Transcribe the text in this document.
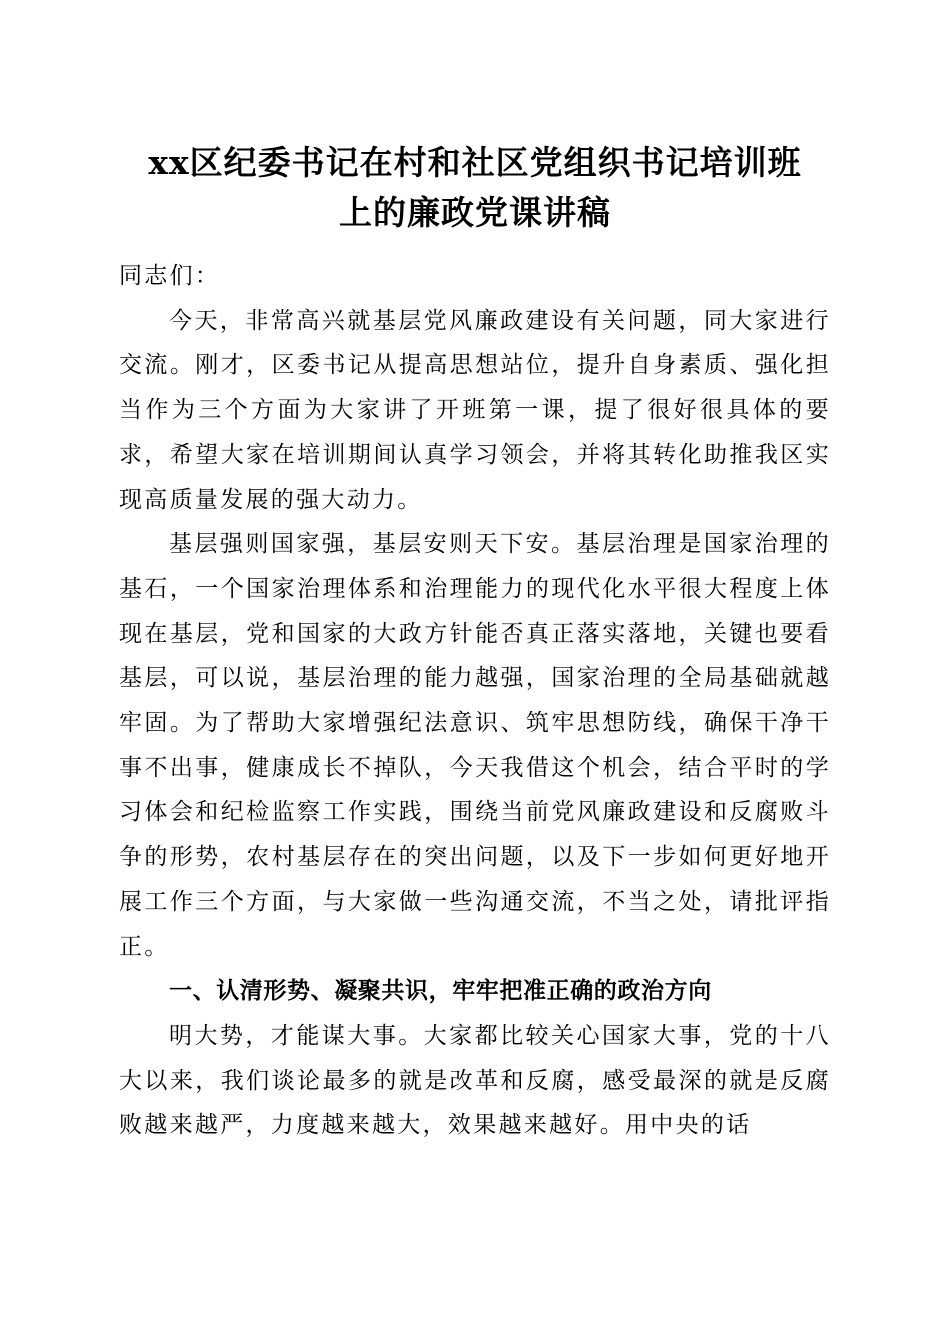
xx区纪委书记在村和社区党组织书记培训班
上的廉政党课讲稿

同志们：

今天，非常高兴就基层党风廉政建设有关问题，同大家进行交流。刚才，区委书记从提高思想站位，提升自身素质、强化担当作为三个方面为大家讲了开班第一课，提了很好很具体的要求，希望大家在培训期间认真学习领会，并将其转化助推我区实现高质量发展的强大动力。

基层强则国家强，基层安则天下安。基层治理是国家治理的基石，一个国家治理体系和治理能力的现代化水平很大程度上体现在基层，党和国家的大政方针能否真正落实落地，关键也要看基层，可以说，基层治理的能力越强，国家治理的全局基础就越牢固。为了帮助大家增强纪法意识、筑牢思想防线，确保干净干事不出事，健康成长不掉队，今天我借这个机会，结合平时的学习体会和纪检监察工作实践，围绕当前党风廉政建设和反腐败斗争的形势，农村基层存在的突出问题，以及下一步如何更好地开展工作三个方面，与大家做一些沟通交流，不当之处，请批评指正。

一、认清形势、凝聚共识，牢牢把准正确的政治方向

明大势，才能谋大事。大家都比较关心国家大事，党的十八大以来，我们谈论最多的就是改革和反腐，感受最深的就是反腐败越来越严，力度越来越大，效果越来越好。用中央的话
